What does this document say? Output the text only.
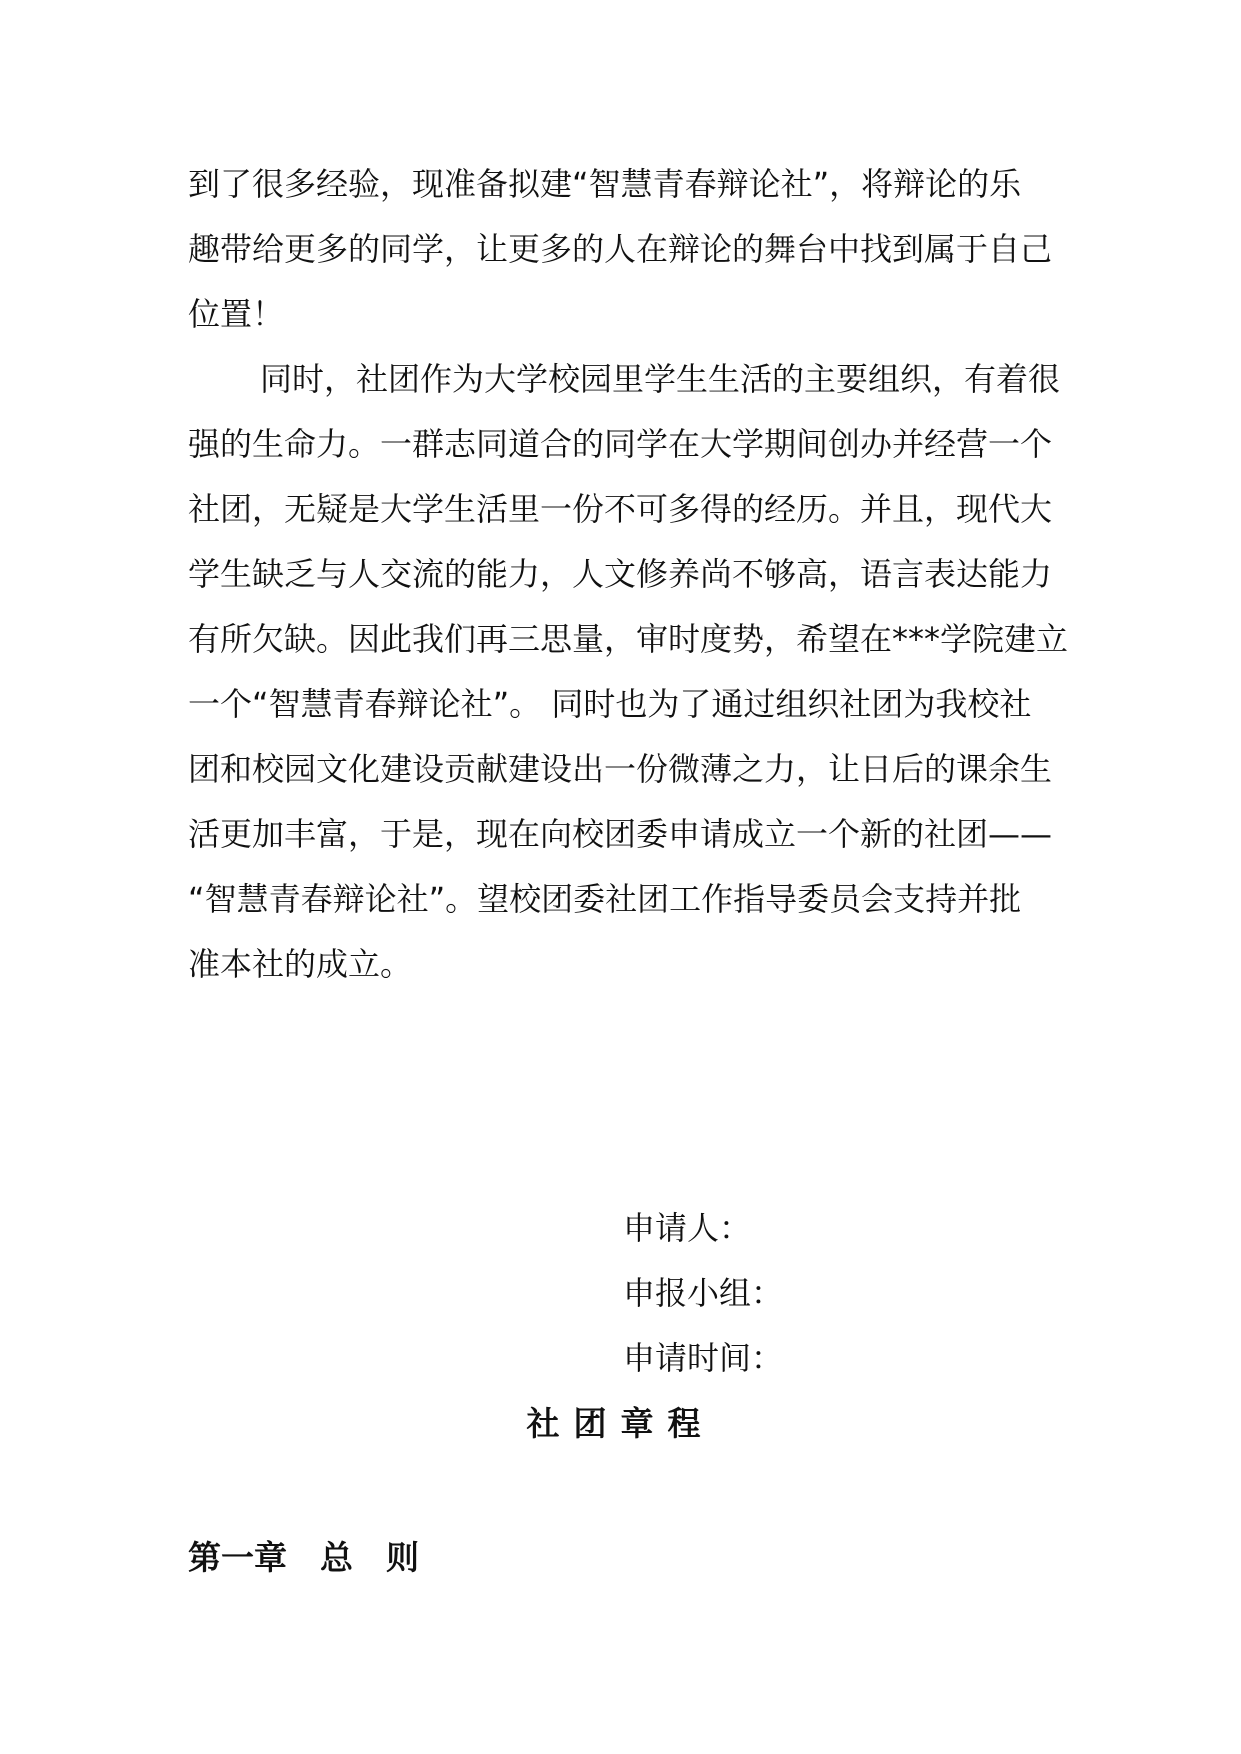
到了很多经验，现准备拟建“智慧青春辩论社”，将辩论的乐
趣带给更多的同学，让更多的人在辩论的舞台中找到属于自己
位置！
同时，社团作为大学校园里学生生活的主要组织，有着很
强的生命力。一群志同道合的同学在大学期间创办并经营一个
社团，无疑是大学生活里一份不可多得的经历。并且，现代大
学生缺乏与人交流的能力，人文修养尚不够高，语言表达能力
有所欠缺。因此我们再三思量，审时度势，希望在***学院建立
一个“智慧青春辩论社”。 同时也为了通过组织社团为我校社
团和校园文化建设贡献建设出一份微薄之力，让日后的课余生
活更加丰富，于是，现在向校团委申请成立一个新的社团——
“智慧青春辩论社”。望校团委社团工作指导委员会支持并批
准本社的成立。
申请人：
申报小组：
申请时间：
社团章程
第一章　总　则
